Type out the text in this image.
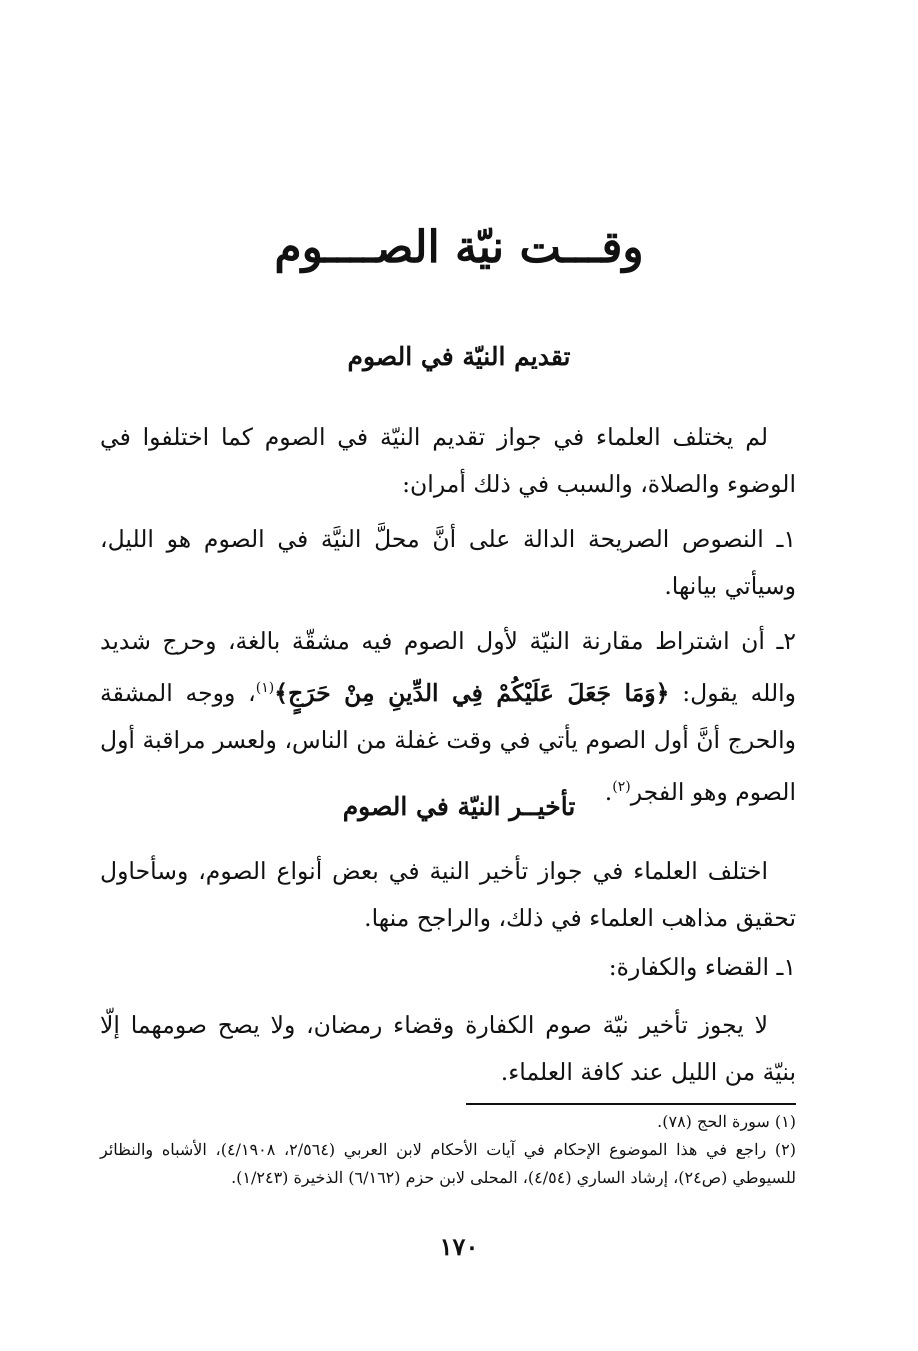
وقـــت نيّة الصــــوم
تقديم النيّة في الصوم

لم يختلف العلماء في جواز تقديم النيّة في الصوم كما اختلفوا في الوضوء والصلاة، والسبب في ذلك أمران:

١ـ النصوص الصريحة الدالة على أنَّ محلَّ النيَّة في الصوم هو الليل، وسيأتي بيانها.

٢ـ أن اشتراط مقارنة النيّة لأول الصوم فيه مشقّة بالغة، وحرج شديد والله يقول: ﴿وَمَا جَعَلَ عَلَيْكُمْ فِي الدِّينِ مِنْ حَرَجٍ﴾$^{(١)}$، ووجه المشقة والحرج أنَّ أول الصوم يأتي في وقت غفلة من الناس، ولعسر مراقبة أول الصوم وهو الفجر$^{(٢)}$.

تأخيــر النيّة في الصوم

اختلف العلماء في جواز تأخير النية في بعض أنواع الصوم، وسأحاول تحقيق مذاهب العلماء في ذلك، والراجح منها.

١ـ القضاء والكفارة:

لا يجوز تأخير نيّة صوم الكفارة وقضاء رمضان، ولا يصح صومهما إلّا بنيّة من الليل عند كافة العلماء.

(١) سورة الحج (٧٨).

(٢) راجع في هذا الموضوع الإحكام في آيات الأحكام لابن العربي (٢/٥٦٤، ٤/١٩٠٨)، الأشباه والنظائر للسيوطي (ص٢٤)، إرشاد الساري (٤/٥٤)، المحلى لابن حزم (٦/١٦٢) الذخيرة (١/٢٤٣).

١٧٠
